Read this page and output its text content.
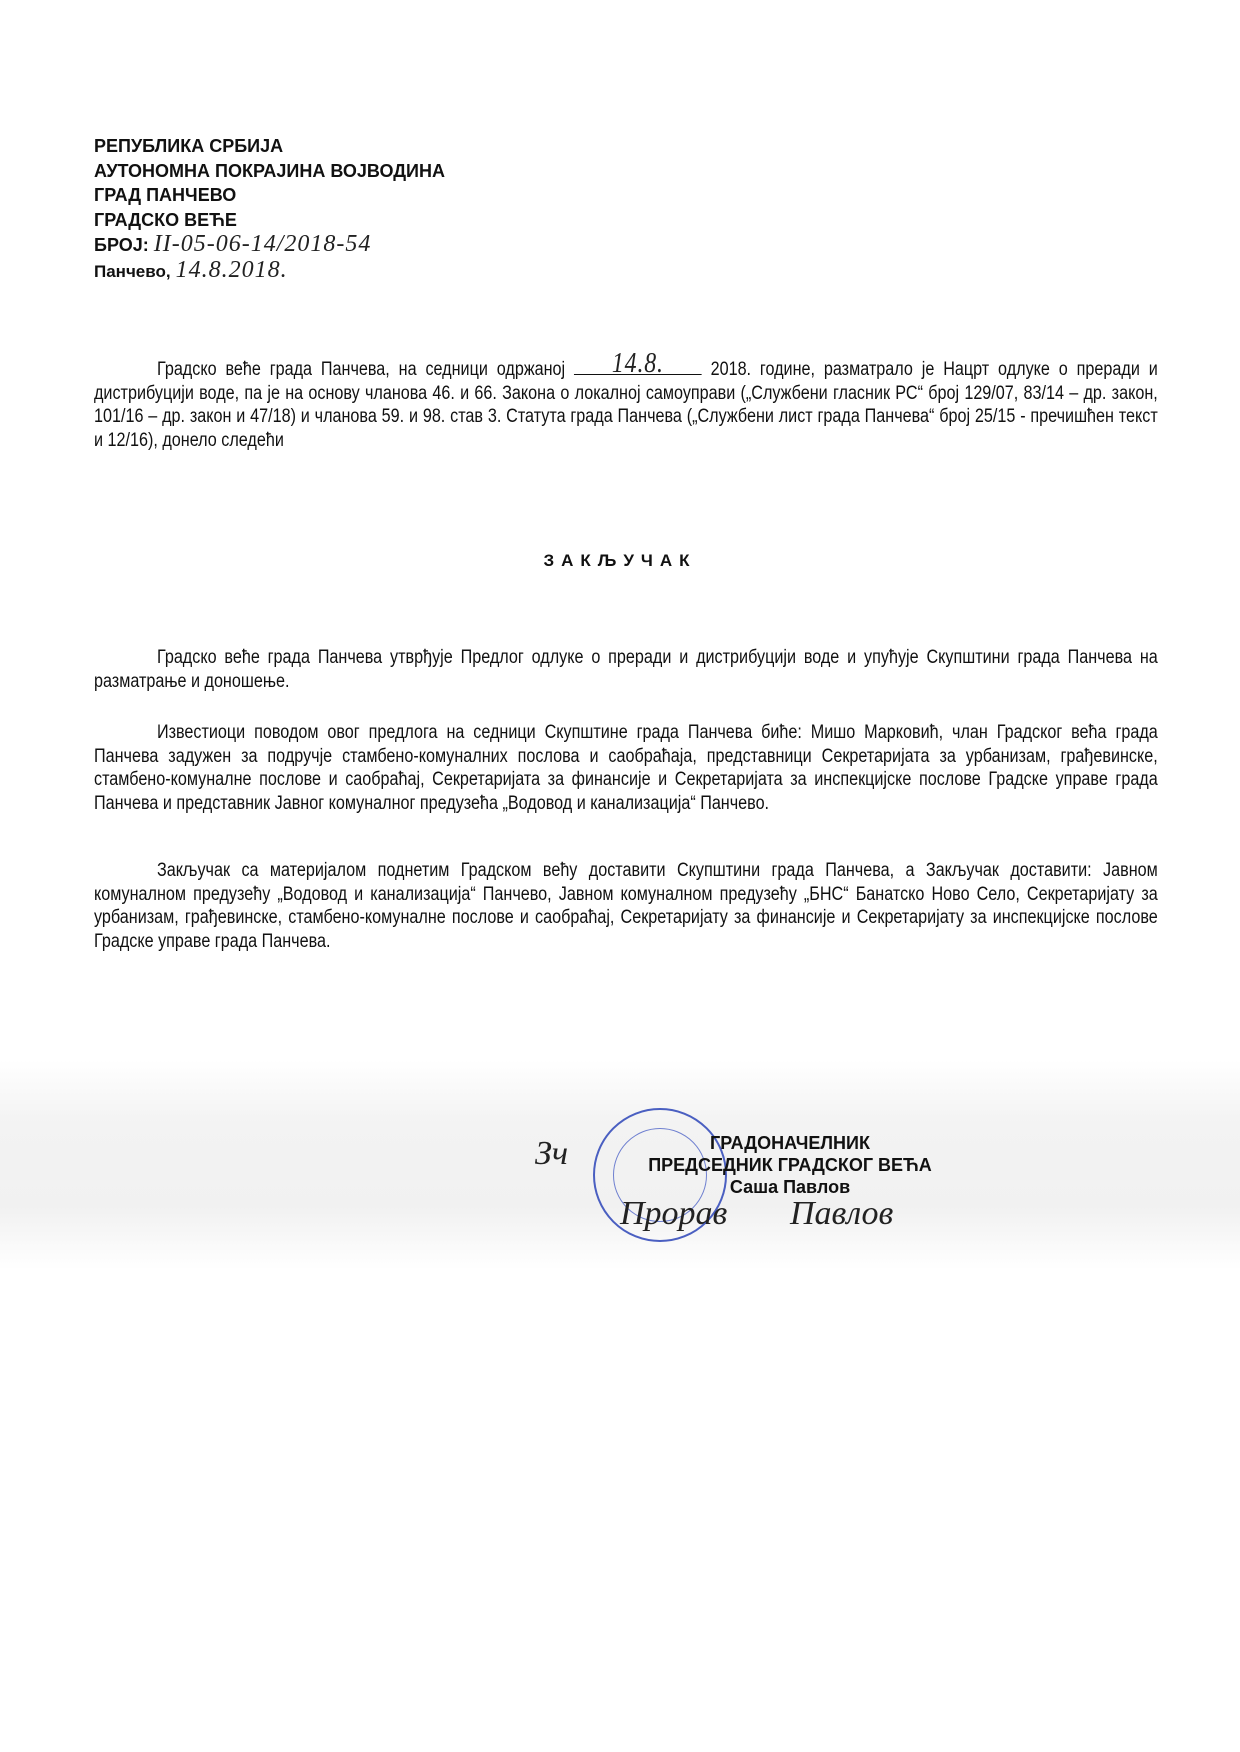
РЕПУБЛИКА СРБИЈА
АУТОНОМНА ПОКРАЈИНА ВОЈВОДИНА
ГРАД ПАНЧЕВО
ГРАДСКО ВЕЋЕ
БРОЈ: II-05-06-14/2018-54
Панчево, 14.8.2018.
Градско веће града Панчева, на седници одржаној	14.8.	2018. године, разматрало је Нацрт одлуке о преради и дистрибуцији воде, па је на основу чланова 46. и 66. Закона о локалној самоуправи („Службени гласник РС“ број 129/07, 83/14 – др. закон, 101/16 – др. закон и 47/18) и чланова 59. и 98. став 3. Статута града Панчева („Службени лист града Панчева“ број 25/15 - пречишћен текст и 12/16), донело следећи
ЗАКЉУЧАК
Градско веће града Панчева утврђује Предлог одлуке о преради и дистрибуцији воде и упућује Скупштини града Панчева на разматрање и доношење.
Известиоци поводом овог предлога на седници Скупштине града Панчева биће: Мишо Марковић, члан Градског већа града Панчева задужен за подручје стамбено-комуналних послова и саобраћаја, представници Секретаријата за урбанизам, грађевинске, стамбено-комуналне послове и саобраћај, Секретаријата за финансије и Секретаријата за инспекцијске послове Градске управе града Панчева и представник Јавног комуналног предузећа „Водовод и канализација“ Панчево.
Закључак са материјалом поднетим Градском већу доставити Скупштини града Панчева, а Закључак доставити: Јавном комуналном предузећу „Водовод и канализација“ Панчево, Јавном комуналном предузећу „БНС“ Банатско Ново Село, Секретаријату за урбанизам, грађевинске, стамбено-комуналне послове и саобраћај, Секретаријату за финансије и Секретаријату за инспекцијске послове Градске управе града Панчева.
ГРАДОНАЧЕЛНИК
ПРЕДСЕДНИК ГРАДСКОГ ВЕЋА
Саша Павлов
Зч
Прорав Павлов
